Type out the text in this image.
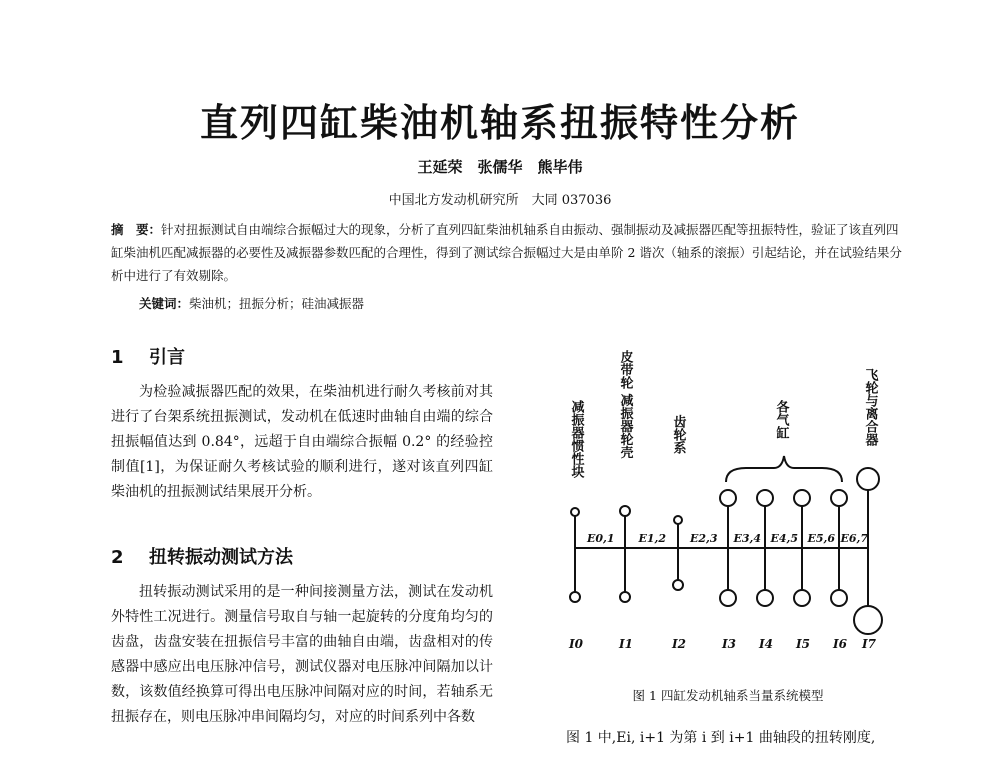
直列四缸柴油机轴系扭振特性分析
王延荣　张儒华　熊毕伟
中国北方发动机研究所　大同 037036
摘　要：针对扭振测试自由端综合振幅过大的现象，分析了直列四缸柴油机轴系自由振动、强制振动及减振器匹配等扭振特性，验证了该直列四缸柴油机匹配减振器的必要性及减振器参数匹配的合理性，得到了测试综合振幅过大是由单阶 2 谐次（轴系的滚振）引起结论，并在试验结果分析中进行了有效剔除。
关键词：柴油机；扭振分析；硅油减振器
1 引言

为检验减振器匹配的效果，在柴油机进行耐久考核前对其进行了台架系统扭振测试，发动机在低速时曲轴自由端的综合扭振幅值达到 0.84°，远超于自由端综合振幅 0.2° 的经验控制值[1]，为保证耐久考核试验的顺利进行，遂对该直列四缸柴油机的扭振测试结果展开分析。

2 扭转振动测试方法

扭转振动测试采用的是一种间接测量方法，测试在发动机外特性工况进行。测量信号取自与轴一起旋转的分度角均匀的齿盘，齿盘安装在扭振信号丰富的曲轴自由端，齿盘相对的传感器中感应出电压脉冲信号，测试仪器对电压脉冲间隔加以计数，该数值经换算可得出电压脉冲间隔对应的时间，若轴系无扭振存在，则电压脉冲串间隔均匀，对应的时间系列中各数

减振器惯性块	皮带轮 减振器轮壳	齿轮系	各气缸	飞轮与离合器
E0,1 E1,2 E2,3 E3,4 E4,5 E5,6 E6,7
I0	I1	I2	I3 I4 I5 I6 I7
图 1 四缸发动机轴系当量系统模型

图 1 中,Ei, i+1 为第 i 到 i+1 曲轴段的扭转刚度,
